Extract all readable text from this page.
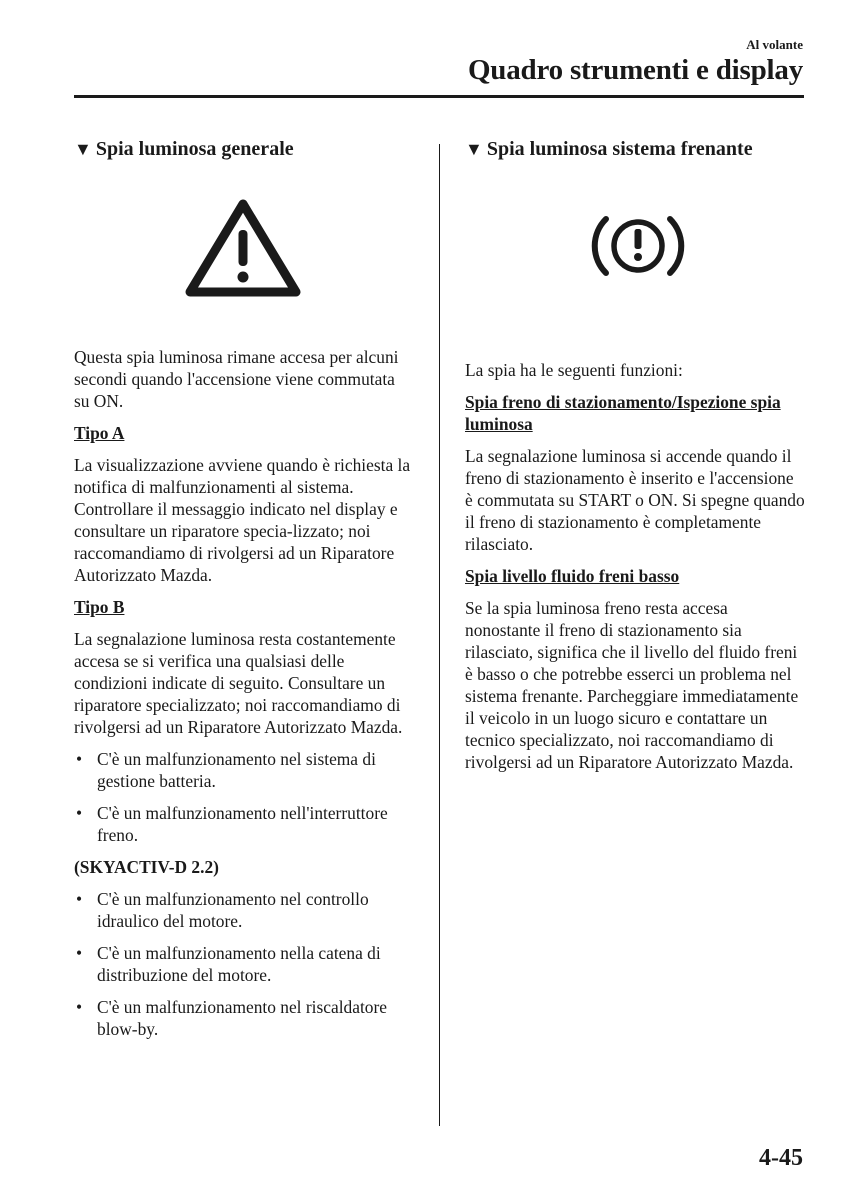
Al volante
Quadro strumenti e display
▼ Spia luminosa generale

Questa spia luminosa rimane accesa per alcuni secondi quando l'accensione viene commutata su ON.

Tipo A

La visualizzazione avviene quando è richiesta la notifica di malfunzionamenti al sistema.

Controllare il messaggio indicato nel display e consultare un riparatore specia-lizzato; noi raccomandiamo di rivolgersi ad un Riparatore Autorizzato Mazda.

Tipo B

La segnalazione luminosa resta costantemente accesa se si verifica una qualsiasi delle condizioni indicate di seguito. Consultare un riparatore specializzato; noi raccomandiamo di rivolgersi ad un Riparatore Autorizzato Mazda.

• C'è un malfunzionamento nel sistema di gestione batteria.
• C'è un malfunzionamento nell'interruttore freno.
(SKYACTIV-D 2.2)
• C'è un malfunzionamento nel controllo idraulico del motore.
• C'è un malfunzionamento nella catena di distribuzione del motore.
• C'è un malfunzionamento nel riscaldatore blow-by.
▼ Spia luminosa sistema frenante

La spia ha le seguenti funzioni:

Spia freno di stazionamento/Ispezione spia luminosa

La segnalazione luminosa si accende quando il freno di stazionamento è inserito e l'accensione è commutata su START o ON. Si spegne quando il freno di stazionamento è completamente rilasciato.

Spia livello fluido freni basso

Se la spia luminosa freno resta accesa nonostante il freno di stazionamento sia rilasciato, significa che il livello del fluido freni è basso o che potrebbe esserci un problema nel sistema frenante. Parcheggiare immediatamente il veicolo in un luogo sicuro e contattare un tecnico specializzato, noi raccomandiamo di rivolgersi ad un Riparatore Autorizzato Mazda.

4-45
